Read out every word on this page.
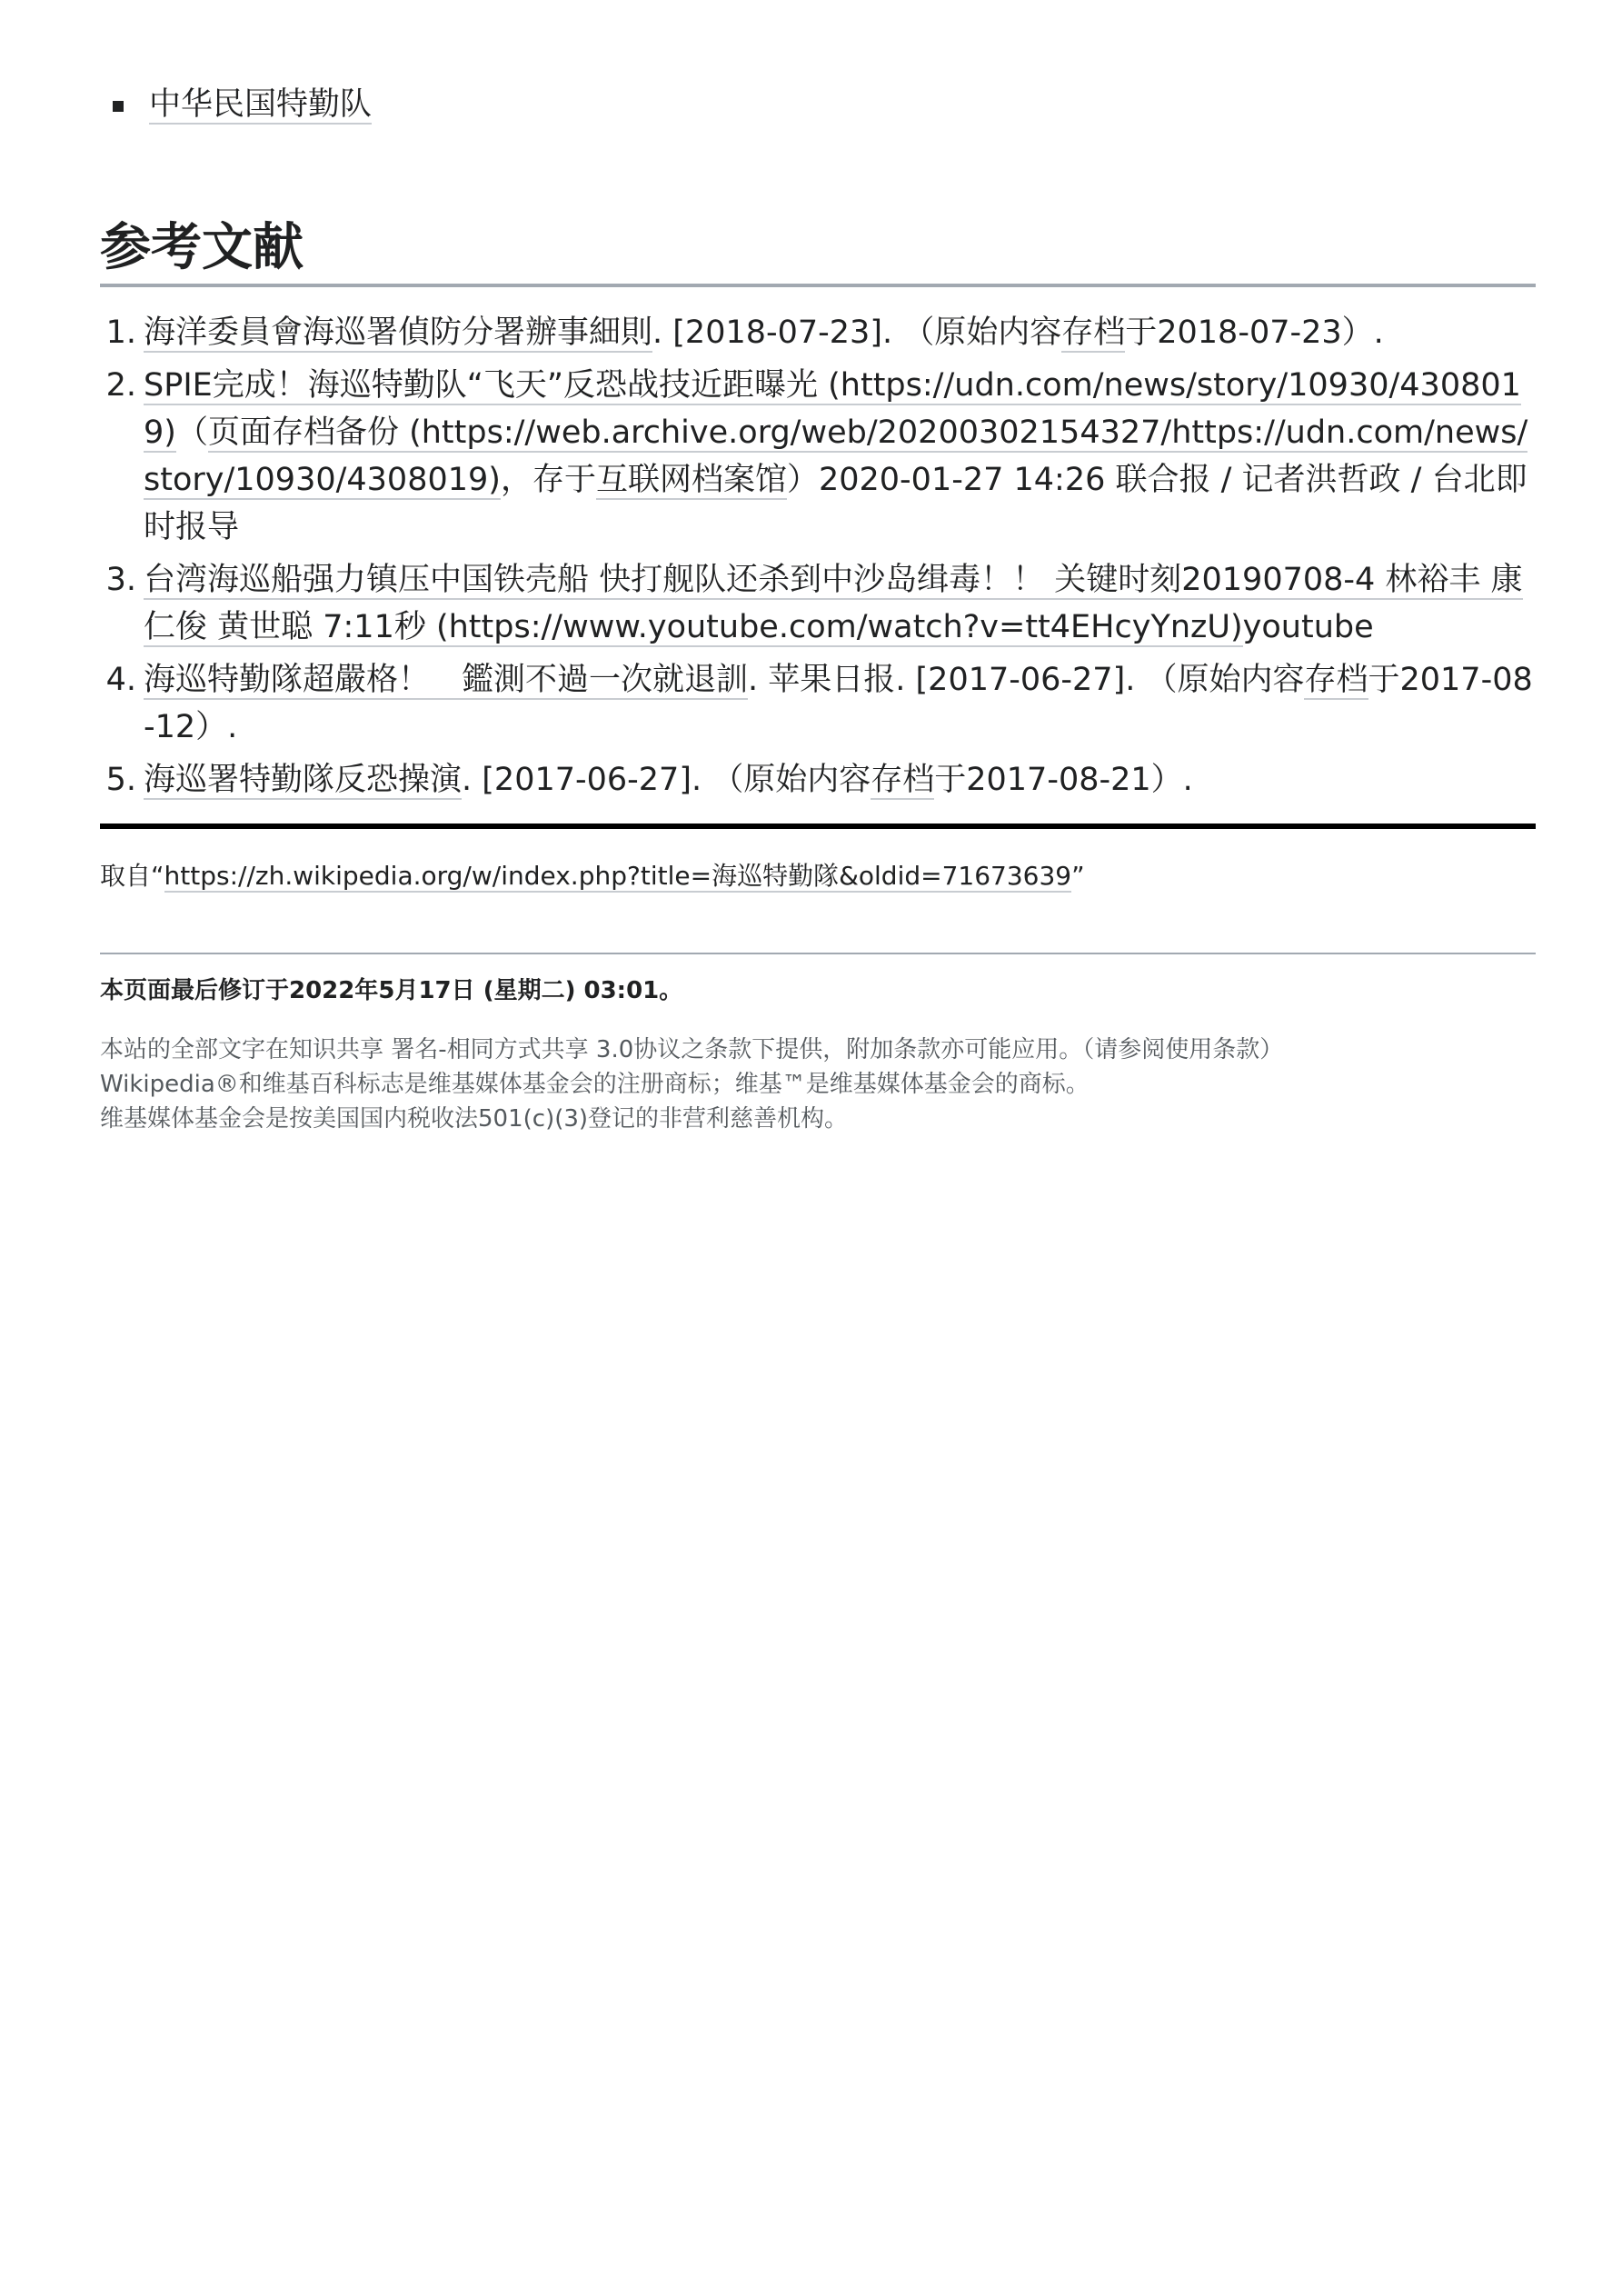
中华民国特勤队
参考文献
1. 海洋委員會海巡署偵防分署辦事細則. [2018-07-23]. （原始内容存档于2018-07-23）.
2. SPIE完成！海巡特勤队“飞天”反恐战技近距曝光 (https://udn.com/news/story/10930/4308019)（页面存档备份 (https://web.archive.org/web/20200302154327/https://udn.com/news/story/10930/4308019)，存于互联网档案馆）2020-01-27 14:26 联合报 / 记者洪哲政 / 台北即时报导
3. 台湾海巡船强力镇压中国铁壳船 快打舰队还杀到中沙岛缉毒！！ 关键时刻20190708-4 林裕丰 康仁俊 黄世聪 7:11秒 (https://www.youtube.com/watch?v=tt4EHcyYnzU)youtube
4. 海巡特勤隊超嚴格！　鑑測不過一次就退訓. 苹果日报. [2017-06-27]. （原始内容存档于2017-08-12）.
5. 海巡署特勤隊反恐操演. [2017-06-27]. （原始内容存档于2017-08-21）.
取自“https://zh.wikipedia.org/w/index.php?title=海巡特勤隊&oldid=71673639”
本页面最后修订于2022年5月17日 (星期二) 03:01。
本站的全部文字在知识共享 署名-相同方式共享 3.0协议之条款下提供，附加条款亦可能应用。（请参阅使用条款）
Wikipedia®和维基百科标志是维基媒体基金会的注册商标；维基™是维基媒体基金会的商标。
维基媒体基金会是按美国国内税收法501(c)(3)登记的非营利慈善机构。
